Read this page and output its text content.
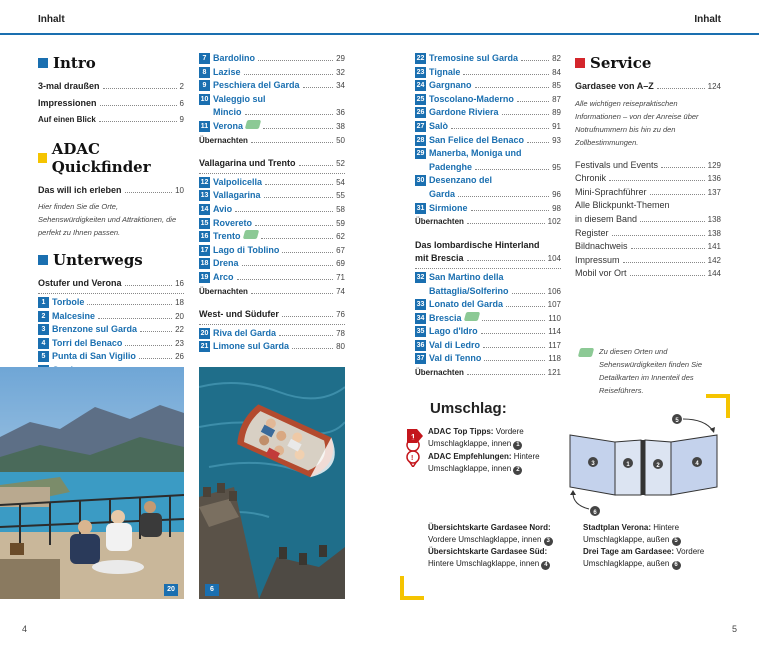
Inhalt	Inhalt
4	5
Intro
3-mal draußen	2
Impressionen	6
Auf einen Blick	9
ADAC Quickfinder
Das will ich erleben	10
Hier finden Sie die Orte, Sehenswürdigkeiten und Attraktionen, die perfekt zu Ihnen passen.
Unterwegs
Ostufer und Verona	16
1 Torbole	18
2 Malcesine	20
3 Brenzone sul Garda	22
4 Torri del Benaco	23
5 Punta di San Vigilio	26
7 Bardolino	29
8 Lazise	32
9 Peschiera del Garda	34
10 Valeggio sul
Mincio	36
11 Verona	38
Übernachten	50
Vallagarina und Trento	52
12 Valpolicella	54
13 Vallagarina	55
14 Avio	58
15 Rovereto	59
16 Trento	62
17 Lago di Toblino	67
18 Drena	69
19 Arco	71
Übernachten	74
West- und Südufer	76
20 Riva del Garda	78
21 Limone sul Garda	80
22 Tremosine sul Garda	82
23 Tignale	84
24 Gargnano	85
25 Toscolano-Maderno	87
26 Gardone Riviera	89
27 Salò	91
28 San Felice del Benaco	93
29 Manerba, Moniga und
Padenghe	95
30 Desenzano del
Garda	96
31 Sirmione	98
Übernachten	102
Das lombardische Hinterland
mit Brescia	104
32 San Martino della
Battaglia/Solferino	106
33 Lonato del Garda	107
34 Brescia	110
35 Lago d'Idro	114
36 Val di Ledro	117
37 Val di Tenno	118
Übernachten	121
Service
Gardasee von A–Z	124
Alle wichtigen reisepraktischen Informationen – von der Anreise über Notrufnummern bis hin zu den Zollbestimmungen.
Festivals und Events	129
Chronik	136
Mini-Sprachführer	137
Alle Blickpunkt-Themen
in diesem Band	138
Register	138
Bildnachweis	141
Impressum	142
Mobil vor Ort	144
Zu diesen Orten und Sehenswürdigkeiten finden Sie Detailkarten im Innenteil des Reiseführers.
20	6
Umschlag:
1
!
ADAC Top Tipps: Vordere
Umschlagklappe, innen 1
ADAC Empfehlungen: Hintere
Umschlagklappe, innen 2
3	1	2	4
5
6
Übersichtskarte Gardasee Nord:
Vordere Umschlagklappe, innen 3
Übersichtskarte Gardasee Süd:
Hintere Umschlagklappe, innen 4
Stadtplan Verona: Hintere
Umschlagklappe, außen 5
Drei Tage am Gardasee: Vordere
Umschlagklappe, außen 6
